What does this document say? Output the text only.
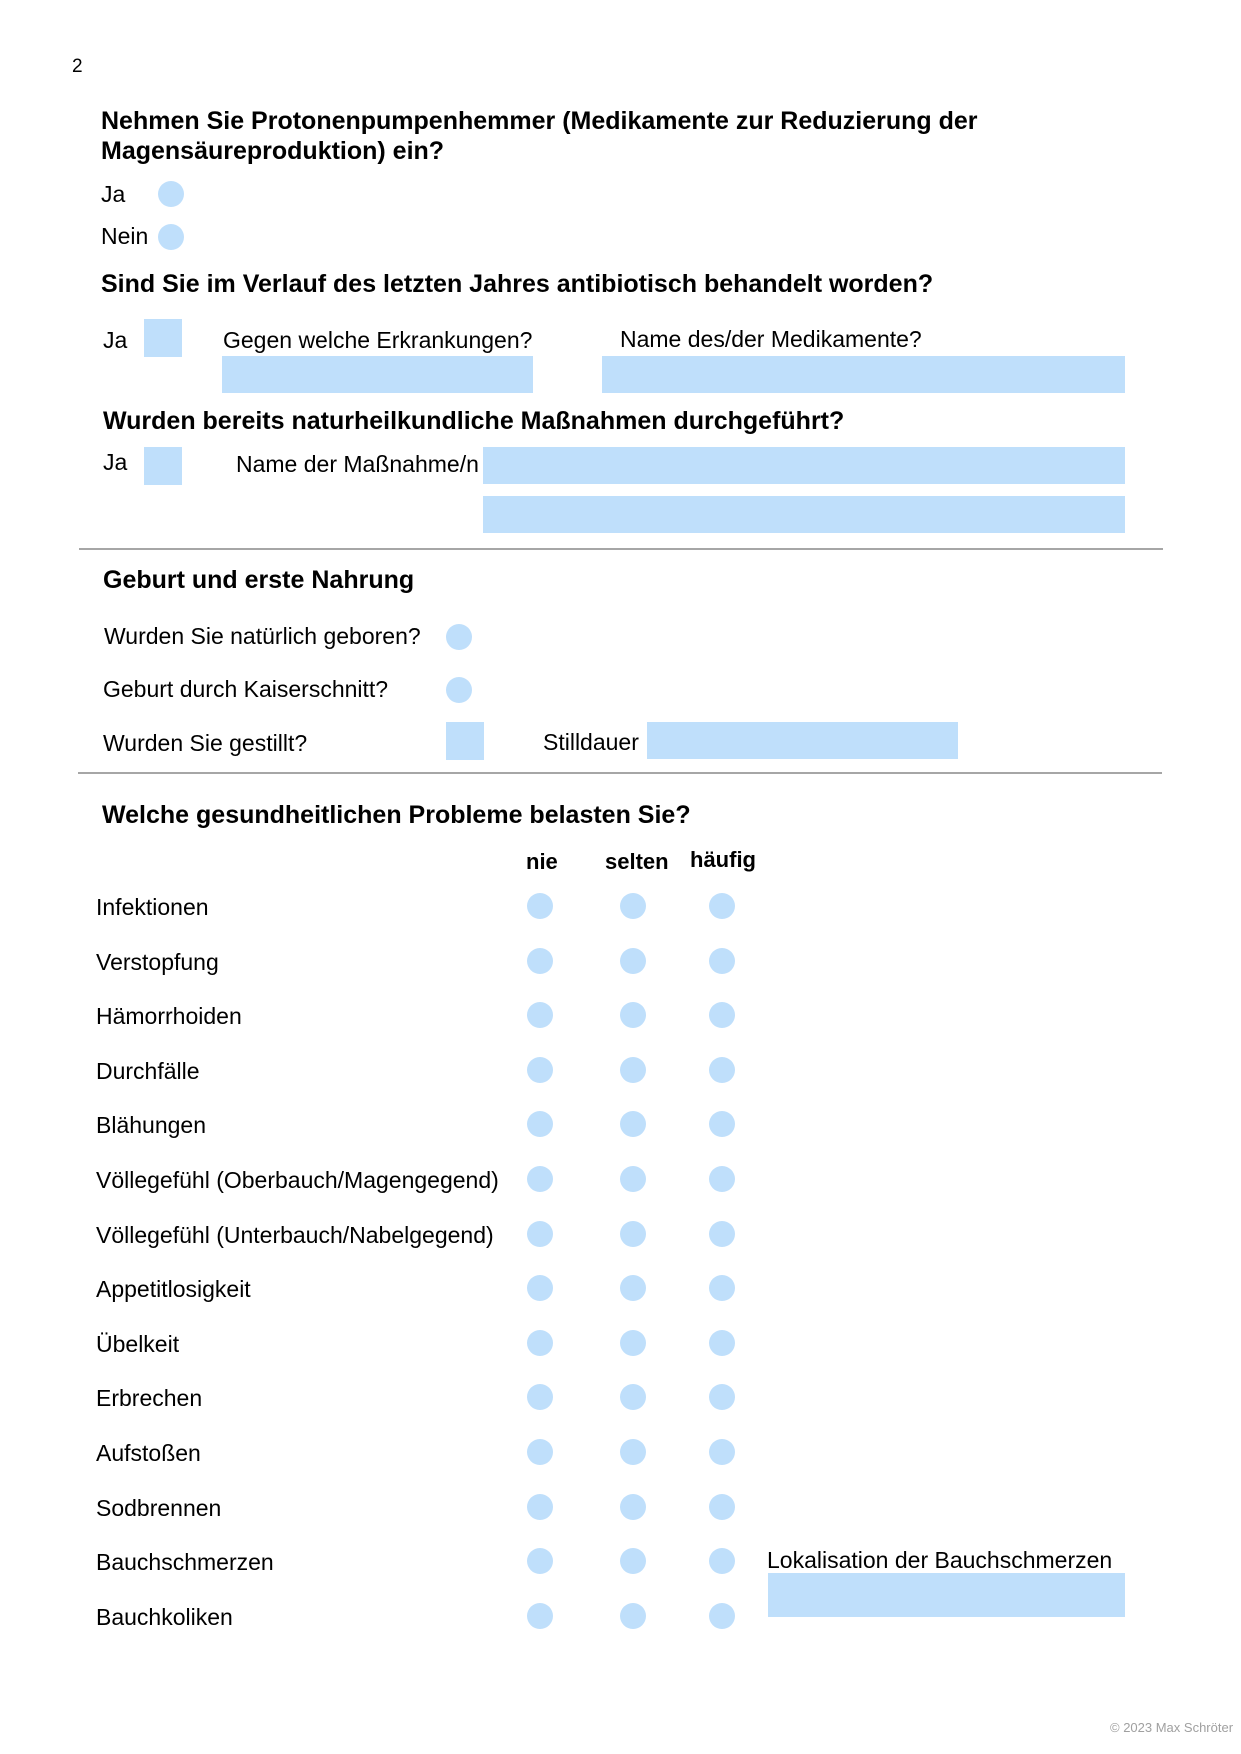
2
Nehmen Sie Protonenpumpenhemmer (Medikamente zur Reduzierung der
Magensäureproduktion) ein?
Ja
Nein
Sind Sie im Verlauf des letzten Jahres antibiotisch behandelt worden?
Ja	Gegen welche Erkrankungen?	Name des/der Medikamente?
Wurden bereits naturheilkundliche Maßnahmen durchgeführt?
Ja	Name der Maßnahme/n
Geburt und erste Nahrung
Wurden Sie natürlich geboren?
Geburt durch Kaiserschnitt?
Wurden Sie gestillt?	Stilldauer
Welche gesundheitlichen Probleme belasten Sie?
nie selten häufig
Infektionen
Verstopfung
Hämorrhoiden
Durchfälle
Blähungen
Völlegefühl (Oberbauch/Magengegend)
Völlegefühl (Unterbauch/Nabelgegend)
Appetitlosigkeit
Übelkeit
Erbrechen
Aufstoßen
Sodbrennen
Bauchschmerzen
Bauchkoliken
Lokalisation der Bauchschmerzen
© 2023 Max Schröter
